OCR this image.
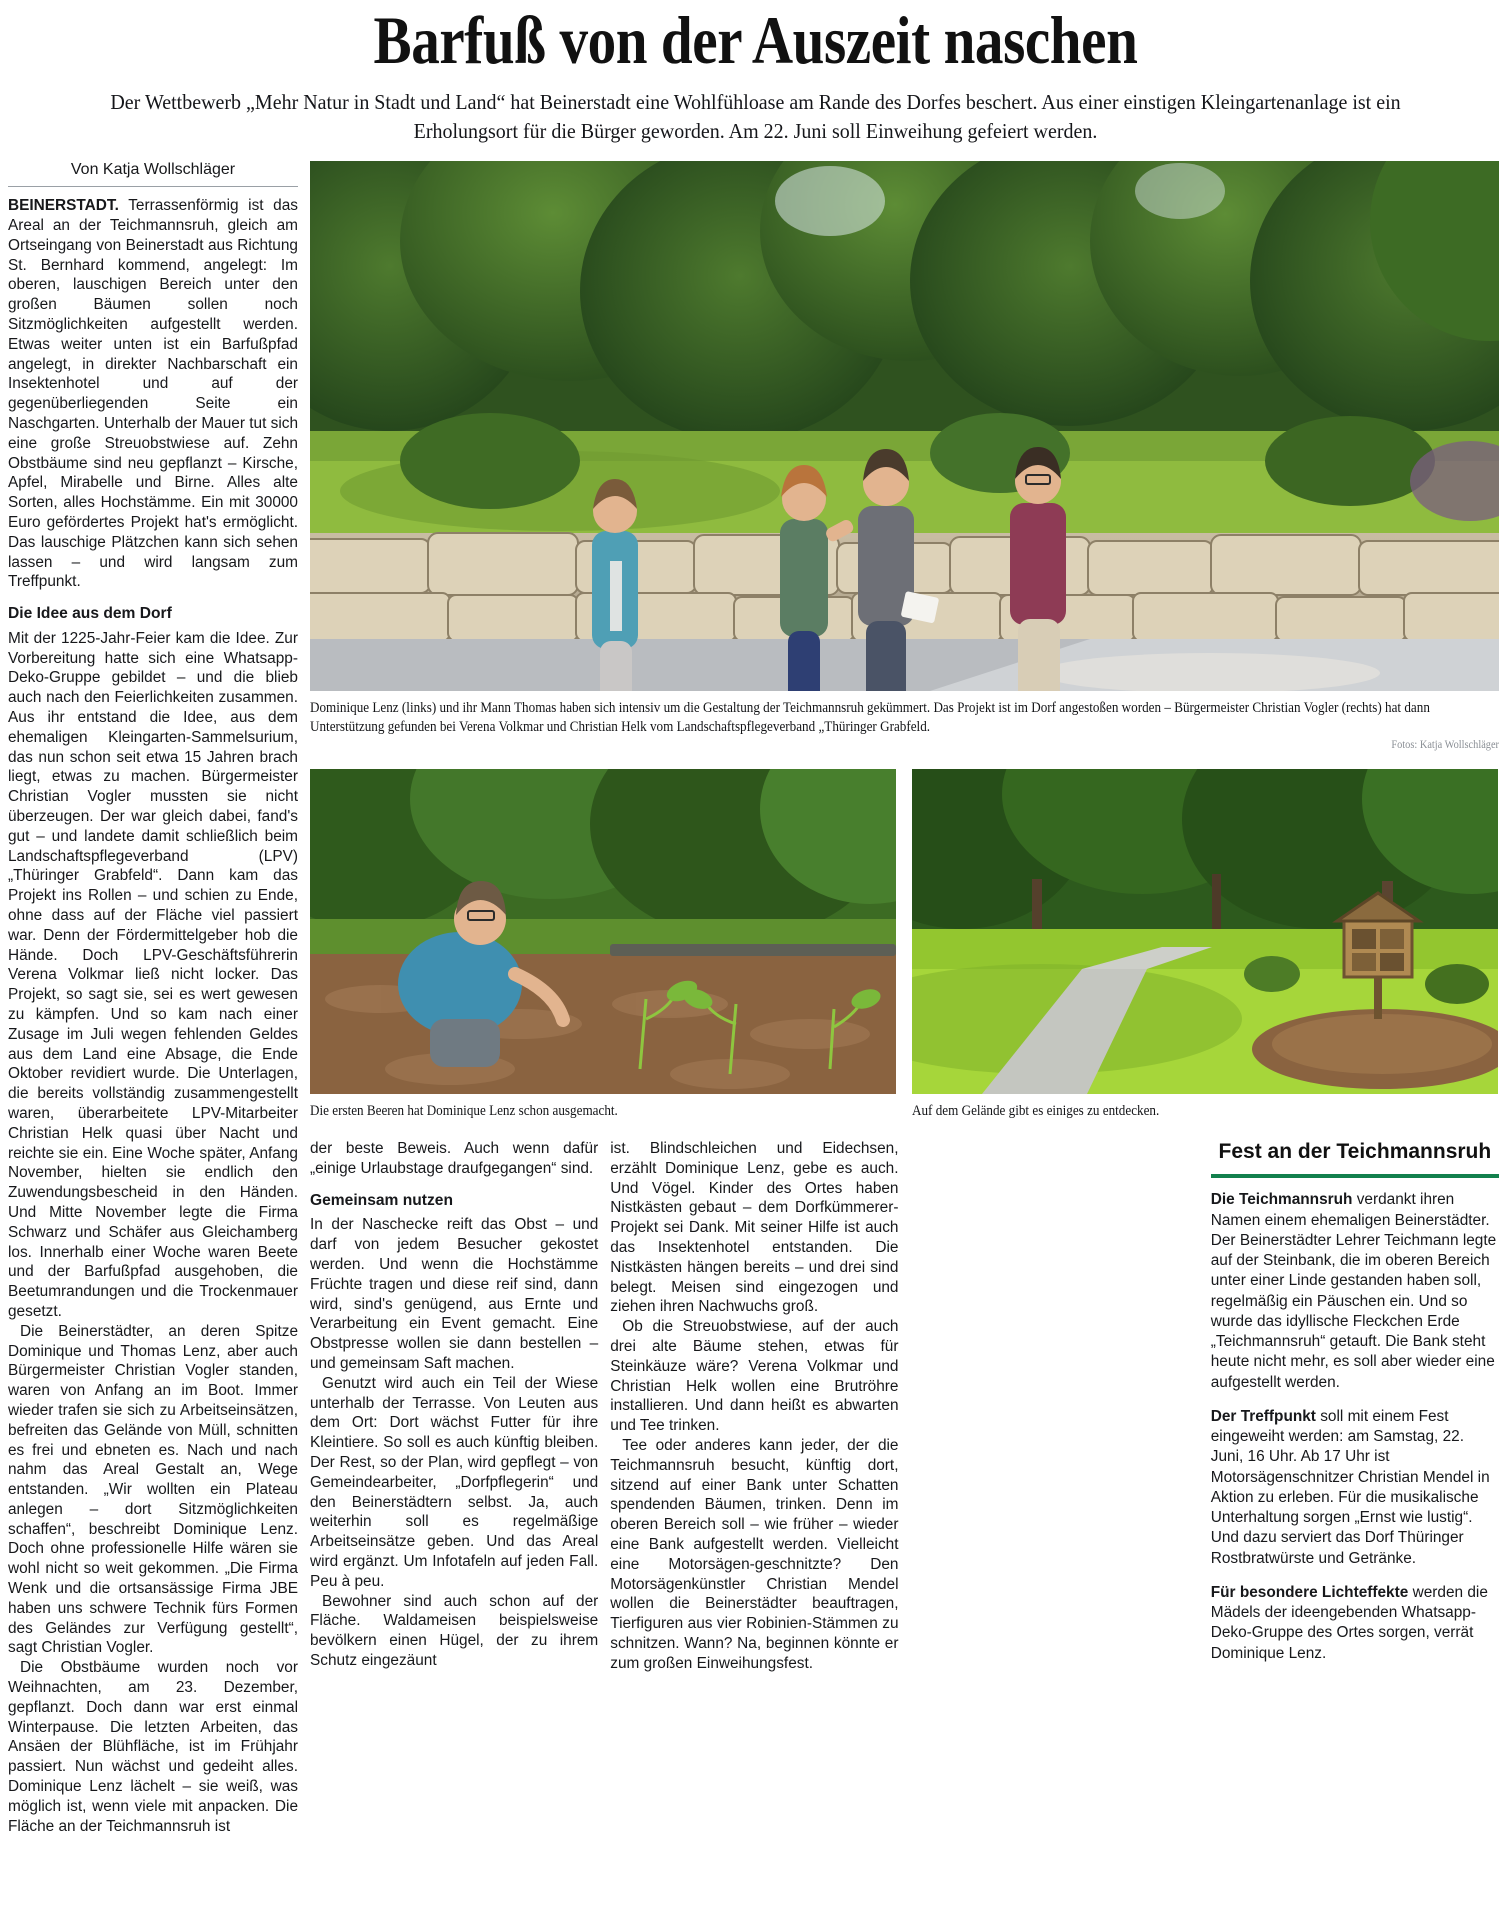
Barfuß von der Auszeit naschen
Der Wettbewerb „Mehr Natur in Stadt und Land“ hat Beinerstadt eine Wohlfühloase am Rande des Dorfes beschert. Aus einer einstigen Kleingartenanlage ist ein Erholungsort für die Bürger geworden. Am 22. Juni soll Einweihung gefeiert werden.
Von Katja Wollschläger

BEINERSTADT. Terrassenförmig ist das Areal an der Teichmannsruh, gleich am Ortseingang von Beinerstadt aus Richtung St. Bernhard kommend, angelegt: Im oberen, lauschigen Bereich unter den großen Bäumen sollen noch Sitzmöglichkeiten aufgestellt werden. Etwas weiter unten ist ein Barfußpfad angelegt, in direkter Nachbarschaft ein Insektenhotel und auf der gegenüberliegenden Seite ein Naschgarten. Unterhalb der Mauer tut sich eine große Streuobstwiese auf. Zehn Obstbäume sind neu gepflanzt – Kirsche, Apfel, Mirabelle und Birne. Alles alte Sorten, alles Hochstämme. Ein mit 30000 Euro gefördertes Projekt hat's ermöglicht. Das lauschige Plätzchen kann sich sehen lassen – und wird langsam zum Treffpunkt.

Die Idee aus dem Dorf

Mit der 1225-Jahr-Feier kam die Idee. Zur Vorbereitung hatte sich eine Whatsapp-Deko-Gruppe gebildet – und die blieb auch nach den Feierlichkeiten zusammen. Aus ihr entstand die Idee, aus dem ehemaligen Kleingarten-Sammelsurium, das nun schon seit etwa 15 Jahren brach liegt, etwas zu machen. Bürgermeister Christian Vogler mussten sie nicht überzeugen. Der war gleich dabei, fand's gut – und landete damit schließlich beim Landschaftspflegeverband (LPV) „Thüringer Grabfeld“. Dann kam das Projekt ins Rollen – und schien zu Ende, ohne dass auf der Fläche viel passiert war. Denn der Fördermittelgeber hob die Hände. Doch LPV-Geschäftsführerin Verena Volkmar ließ nicht locker. Das Projekt, so sagt sie, sei es wert gewesen zu kämpfen. Und so kam nach einer Zusage im Juli wegen fehlenden Geldes aus dem Land eine Absage, die Ende Oktober revidiert wurde. Die Unterlagen, die bereits vollständig zusammengestellt waren, überarbeitete LPV-Mitarbeiter Christian Helk quasi über Nacht und reichte sie ein. Eine Woche später, Anfang November, hielten sie endlich den Zuwendungsbescheid in den Händen. Und Mitte November legte die Firma Schwarz und Schäfer aus Gleichamberg los. Innerhalb einer Woche waren Beete und der Barfußpfad ausgehoben, die Beetumrandungen und die Trockenmauer gesetzt.

Die Beinerstädter, an deren Spitze Dominique und Thomas Lenz, aber auch Bürgermeister Christian Vogler standen, waren von Anfang an im Boot. Immer wieder trafen sie sich zu Arbeitseinsätzen, befreiten das Gelände von Müll, schnitten es frei und ebneten es. Nach und nach nahm das Areal Gestalt an, Wege entstanden. „Wir wollten ein Plateau anlegen – dort Sitzmöglichkeiten schaffen“, beschreibt Dominique Lenz. Doch ohne professionelle Hilfe wären sie wohl nicht so weit gekommen. „Die Firma Wenk und die ortsansässige Firma JBE haben uns schwere Technik fürs Formen des Geländes zur Verfügung gestellt“, sagt Christian Vogler.

Die Obstbäume wurden noch vor Weihnachten, am 23. Dezember, gepflanzt. Doch dann war erst einmal Winterpause. Die letzten Arbeiten, das Ansäen der Blühfläche, ist im Frühjahr passiert. Nun wächst und gedeiht alles. Dominique Lenz lächelt – sie weiß, was möglich ist, wenn viele mit anpacken. Die Fläche an der Teichmannsruh ist

Dominique Lenz (links) und ihr Mann Thomas haben sich intensiv um die Gestaltung der Teichmannsruh gekümmert. Das Projekt ist im Dorf angestoßen worden – Bürgermeister Christian Vogler (rechts) hat dann Unterstützung gefunden bei Verena Volkmar und Christian Helk vom Landschaftspflegeverband „Thüringer Grabfeld.
Fotos: Katja Wollschläger
Die ersten Beeren hat Dominique Lenz schon ausgemacht.	Auf dem Gelände gibt es einiges zu entdecken.

der beste Beweis. Auch wenn dafür „einige Urlaubstage draufgegangen“ sind.

Gemeinsam nutzen

In der Naschecke reift das Obst – und darf von jedem Besucher gekostet werden. Und wenn die Hochstämme Früchte tragen und diese reif sind, dann wird, sind's genügend, aus Ernte und Verarbeitung ein Event gemacht. Eine Obstpresse wollen sie dann bestellen – und gemeinsam Saft machen.

Genutzt wird auch ein Teil der Wiese unterhalb der Terrasse. Von Leuten aus dem Ort: Dort wächst Futter für ihre Kleintiere. So soll es auch künftig bleiben. Der Rest, so der Plan, wird gepflegt – von Gemeindearbeiter, „Dorfpflegerin“ und den Beinerstädtern selbst. Ja, auch weiterhin soll es regelmäßige Arbeitseinsätze geben. Und das Areal wird ergänzt. Um Infotafeln auf jeden Fall. Peu à peu.

Bewohner sind auch schon auf der Fläche. Waldameisen beispielsweise bevölkern einen Hügel, der zu ihrem Schutz eingezäunt

ist. Blindschleichen und Eidechsen, erzählt Dominique Lenz, gebe es auch. Und Vögel. Kinder des Ortes haben Nistkästen gebaut – dem Dorfkümmerer-Projekt sei Dank. Mit seiner Hilfe ist auch das Insektenhotel entstanden. Die Nistkästen hängen bereits – und drei sind belegt. Meisen sind eingezogen und ziehen ihren Nachwuchs groß.

Ob die Streuobstwiese, auf der auch drei alte Bäume stehen, etwas für Steinkäuze wäre? Verena Volkmar und Christian Helk wollen eine Brutröhre installieren. Und dann heißt es abwarten und Tee trinken.

Tee oder anderes kann jeder, der die Teichmannsruh besucht, künftig dort, sitzend auf einer Bank unter Schatten spendenden Bäumen, trinken. Denn im oberen Bereich soll – wie früher – wieder eine Bank aufgestellt werden. Vielleicht eine Motorsägen-geschnitzte? Den Motorsägenkünstler Christian Mendel wollen die Beinerstädter beauftragen, Tierfiguren aus vier Robinien-Stämmen zu schnitzen. Wann? Na, beginnen könnte er zum großen Einweihungsfest.

Fest an der Teichmannsruh

Die Teichmannsruh verdankt ihren Namen einem ehemaligen Beinerstädter. Der Beinerstädter Lehrer Teichmann legte auf der Steinbank, die im oberen Bereich unter einer Linde gestanden haben soll, regelmäßig ein Päuschen ein. Und so wurde das idyllische Fleckchen Erde „Teichmannsruh“ getauft. Die Bank steht heute nicht mehr, es soll aber wieder eine aufgestellt werden.

Der Treffpunkt soll mit einem Fest eingeweiht werden: am Samstag, 22. Juni, 16 Uhr. Ab 17 Uhr ist Motorsägenschnitzer Christian Mendel in Aktion zu erleben. Für die musikalische Unterhaltung sorgen „Ernst wie lustig“. Und dazu serviert das Dorf Thüringer Rostbratwürste und Getränke.

Für besondere Lichteffekte werden die Mädels der ideengebenden Whatsapp-Deko-Gruppe des Ortes sorgen, verrät Dominique Lenz.
